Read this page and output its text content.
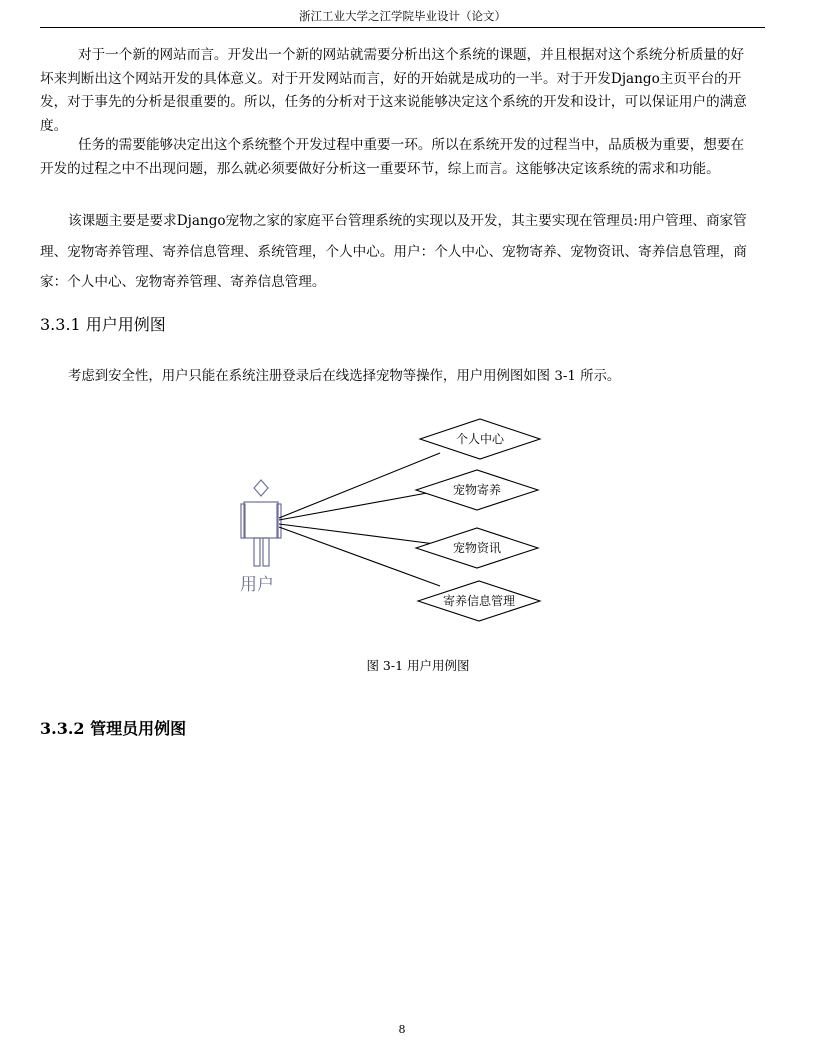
浙江工业大学之江学院毕业设计（论文）

对于一个新的网站而言。开发出一个新的网站就需要分析出这个系统的课题，并且根据对这个系统分析质量的好坏来判断出这个网站开发的具体意义。对于开发网站而言，好的开始就是成功的一半。对于开发Django主页平台的开发，对于事先的分析是很重要的。所以，任务的分析对于这来说能够决定这个系统的开发和设计，可以保证用户的满意度。

任务的需要能够决定出这个系统整个开发过程中重要一环。所以在系统开发的过程当中，品质极为重要，想要在开发的过程之中不出现问题，那么就必须要做好分析这一重要环节，综上而言。这能够决定该系统的需求和功能。

该课题主要是要求Django宠物之家的家庭平台管理系统的实现以及开发，其主要实现在管理员:用户管理、商家管　理、宠物寄养管理、寄养信息管理、系统管理，个人中心。用户：个人中心、宠物寄养、宠物资讯、寄养信息管理，商家：个人中心、宠物寄养管理、寄养信息管理。

3.3.1 用户用例图

考虑到安全性，用户只能在系统注册登录后在线选择宠物等操作，用户用例图如图 3-1 所示。

用户
个人中心
宠物寄养
宠物资讯
寄养信息管理
图 3-1 用户用例图
3.3.2 管理员用例图
8
